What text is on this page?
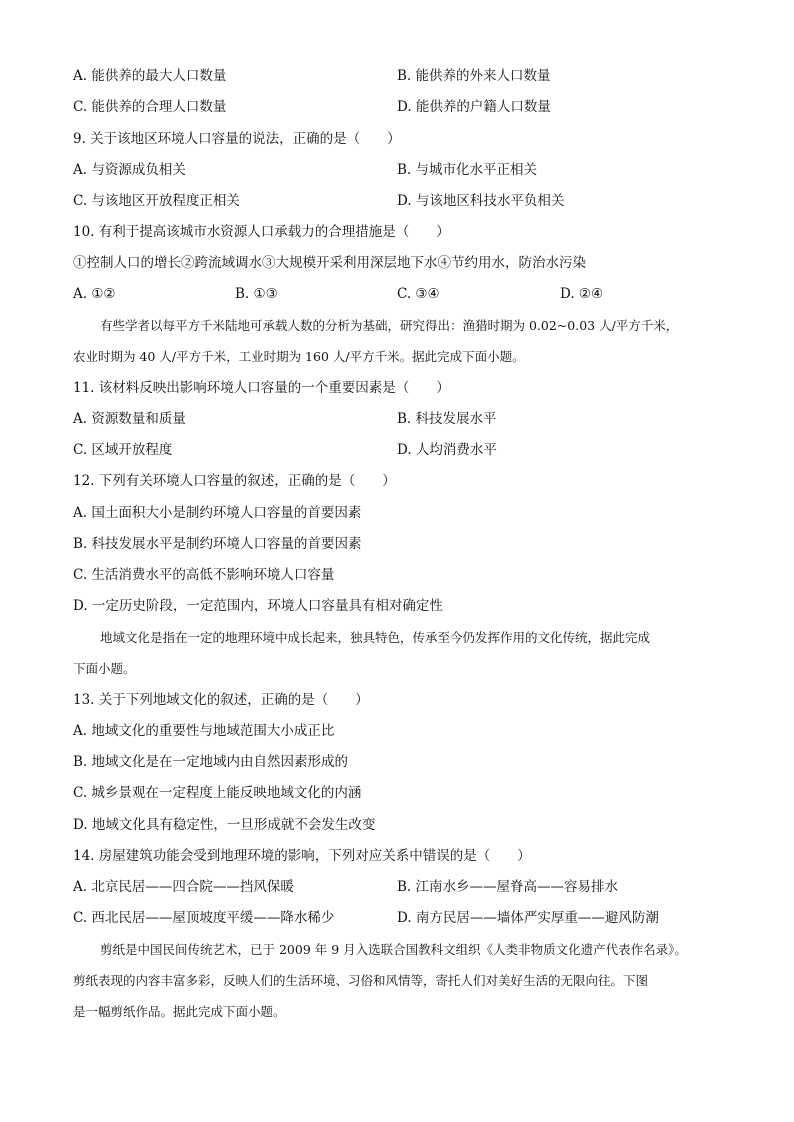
A. 能供养的最大人口数量	B. 能供养的外来人口数量
C. 能供养的合理人口数量	D. 能供养的户籍人口数量
9. 关于该地区环境人口容量的说法，正确的是（　　）
A. 与资源成负相关	B. 与城市化水平正相关
C. 与该地区开放程度正相关	D. 与该地区科技水平负相关
10. 有利于提高该城市水资源人口承载力的合理措施是（　　）
①控制人口的增长②跨流域调水③大规模开采利用深层地下水④节约用水，防治水污染
A. ①②	B. ①③	C. ③④	D. ②④
有些学者以每平方千米陆地可承载人数的分析为基础，研究得出：渔猎时期为 0.02~0.03 人/平方千米，
农业时期为 40 人/平方千米，工业时期为 160 人/平方千米。据此完成下面小题。
11. 该材料反映出影响环境人口容量的一个重要因素是（　　）
A. 资源数量和质量	B. 科技发展水平
C. 区域开放程度	D. 人均消费水平
12. 下列有关环境人口容量的叙述，正确的是（　　）
A. 国土面积大小是制约环境人口容量的首要因素
B. 科技发展水平是制约环境人口容量的首要因素
C. 生活消费水平的高低不影响环境人口容量
D. 一定历史阶段，一定范围内，环境人口容量具有相对确定性
地域文化是指在一定的地理环境中成长起来，独具特色，传承至今仍发挥作用的文化传统，据此完成
下面小题。
13. 关于下列地域文化的叙述，正确的是（　　）
A. 地域文化的重要性与地域范围大小成正比
B. 地域文化是在一定地域内由自然因素形成的
C. 城乡景观在一定程度上能反映地域文化的内涵
D. 地域文化具有稳定性，一旦形成就不会发生改变
14. 房屋建筑功能会受到地理环境的影响，下列对应关系中错误的是（　　）
A. 北京民居——四合院——挡风保暖	B. 江南水乡——屋脊高——容易排水
C. 西北民居——屋顶坡度平缓——降水稀少	D. 南方民居——墙体严实厚重——避风防潮
剪纸是中国民间传统艺术，已于 2009 年 9 月入选联合国教科文组织《人类非物质文化遗产代表作名录》。
剪纸表现的内容丰富多彩，反映人们的生活环境、习俗和风情等，寄托人们对美好生活的无限向往。下图
是一幅剪纸作品。据此完成下面小题。
